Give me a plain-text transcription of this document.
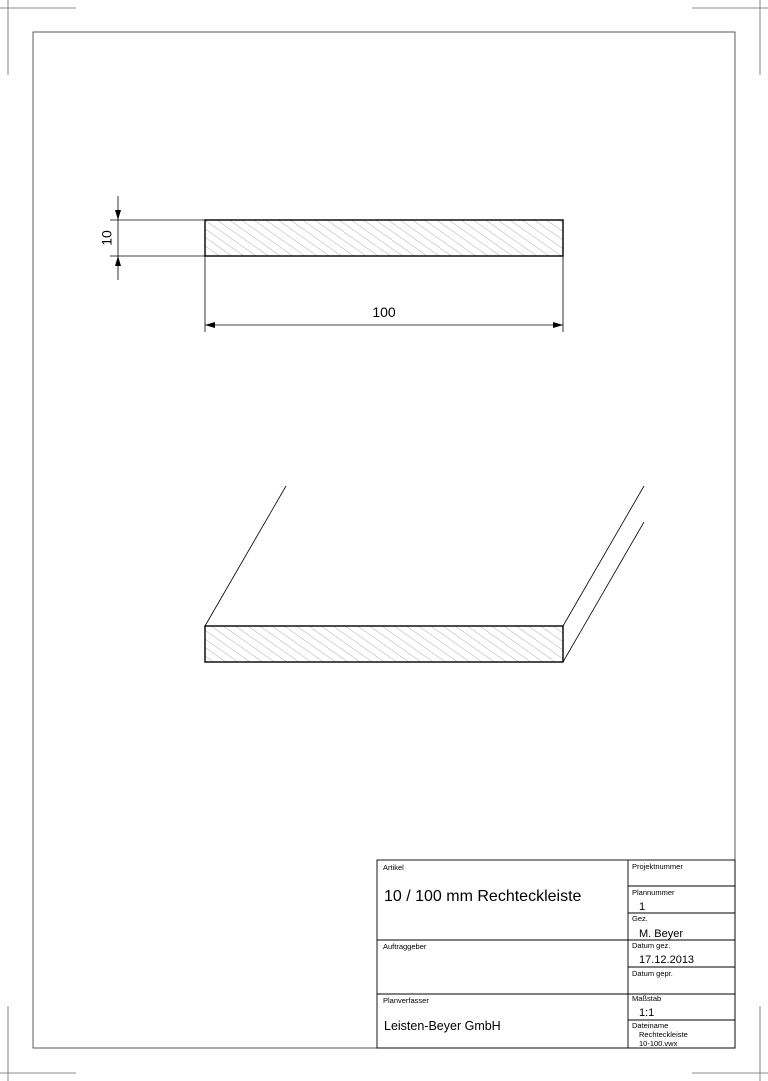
10
100
Artikel
10 / 100 mm Rechteckleiste
Projektnummer
Plannummer
1
Gez.
M. Beyer
Auftraggeber	Datum gez.
17.12.2013
Datum gepr.
Planverfasser
Leisten-Beyer GmbH
Maßstab
1:1
Dateiname
Rechteckleiste
10-100.vwx
